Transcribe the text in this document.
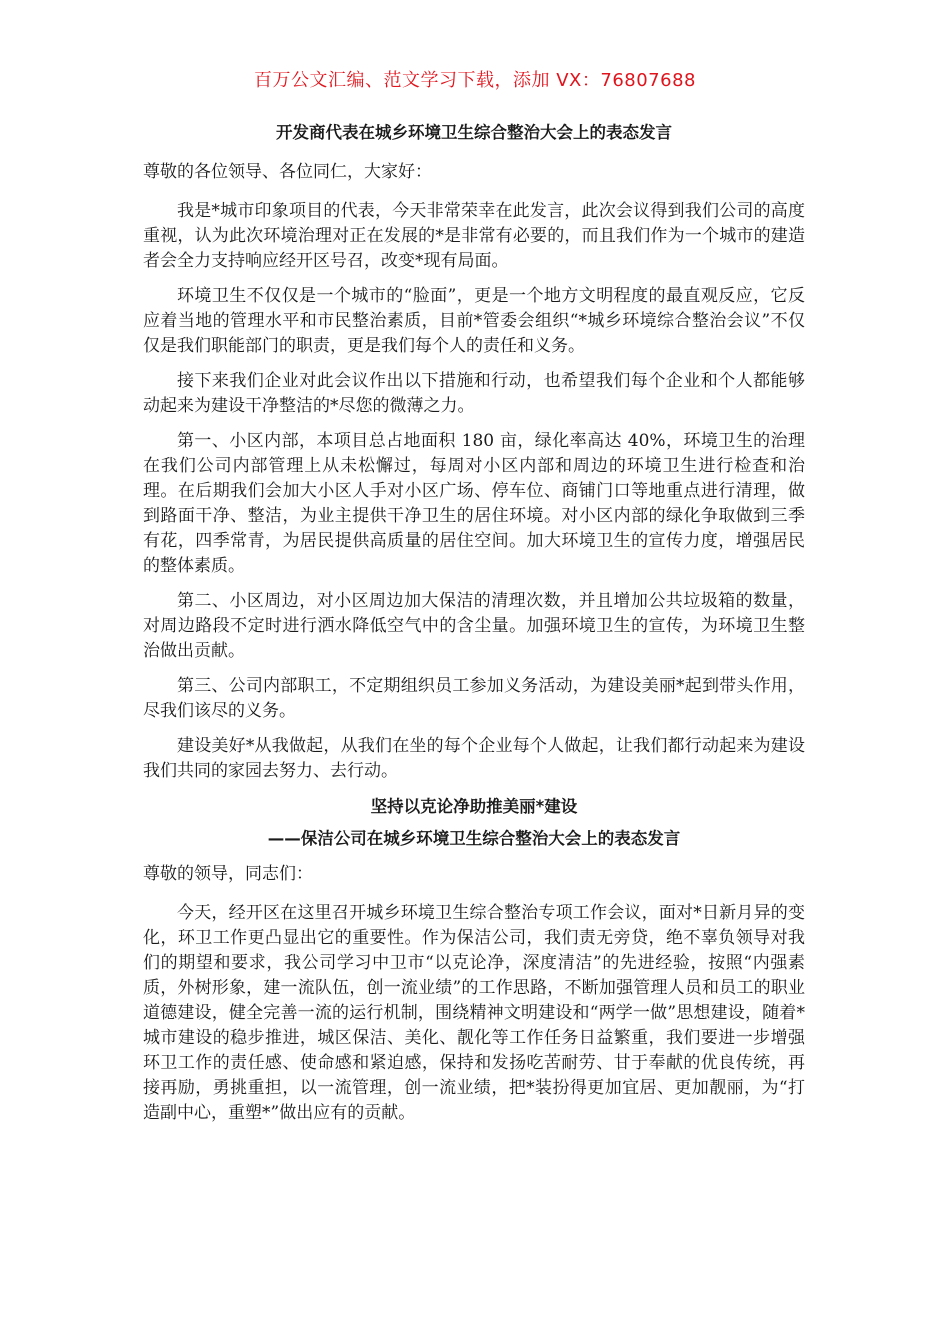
百万公文汇编、范文学习下载，添加 VX：76807688
开发商代表在城乡环境卫生综合整治大会上的表态发言

尊敬的各位领导、各位同仁，大家好：

我是*城市印象项目的代表，今天非常荣幸在此发言，此次会议得到我们公司的高度重视，认为此次环境治理对正在发展的*是非常有必要的，而且我们作为一个城市的建造者会全力支持响应经开区号召，改变*现有局面。

环境卫生不仅仅是一个城市的“脸面”，更是一个地方文明程度的最直观反应，它反应着当地的管理水平和市民整治素质，目前*管委会组织“*城乡环境综合整治会议”不仅仅是我们职能部门的职责，更是我们每个人的责任和义务。

接下来我们企业对此会议作出以下措施和行动，也希望我们每个企业和个人都能够动起来为建设干净整洁的*尽您的微薄之力。

第一、小区内部，本项目总占地面积 180 亩，绿化率高达 40%，环境卫生的治理在我们公司内部管理上从未松懈过，每周对小区内部和周边的环境卫生进行检查和治理。在后期我们会加大小区人手对小区广场、停车位、商铺门口等地重点进行清理，做到路面干净、整洁，为业主提供干净卫生的居住环境。对小区内部的绿化争取做到三季有花，四季常青，为居民提供高质量的居住空间。加大环境卫生的宣传力度，增强居民的整体素质。

第二、小区周边，对小区周边加大保洁的清理次数，并且增加公共垃圾箱的数量，对周边路段不定时进行洒水降低空气中的含尘量。加强环境卫生的宣传，为环境卫生整治做出贡献。

第三、公司内部职工，不定期组织员工参加义务活动，为建设美丽*起到带头作用，尽我们该尽的义务。

建设美好*从我做起，从我们在坐的每个企业每个人做起，让我们都行动起来为建设我们共同的家园去努力、去行动。

坚持以克论净助推美丽*建设
——保洁公司在城乡环境卫生综合整治大会上的表态发言

尊敬的领导，同志们：

今天，经开区在这里召开城乡环境卫生综合整治专项工作会议，面对*日新月异的变化，环卫工作更凸显出它的重要性。作为保洁公司，我们责无旁贷，绝不辜负领导对我们的期望和要求，我公司学习中卫市“以克论净，深度清洁”的先进经验，按照“内强素质，外树形象，建一流队伍，创一流业绩”的工作思路，不断加强管理人员和员工的职业道德建设，健全完善一流的运行机制，围绕精神文明建设和“两学一做”思想建设，随着*城市建设的稳步推进，城区保洁、美化、靓化等工作任务日益繁重，我们要进一步增强环卫工作的责任感、使命感和紧迫感，保持和发扬吃苦耐劳、甘于奉献的优良传统，再接再励，勇挑重担，以一流管理，创一流业绩，把*装扮得更加宜居、更加靓丽，为“打造副中心，重塑*”做出应有的贡献。
